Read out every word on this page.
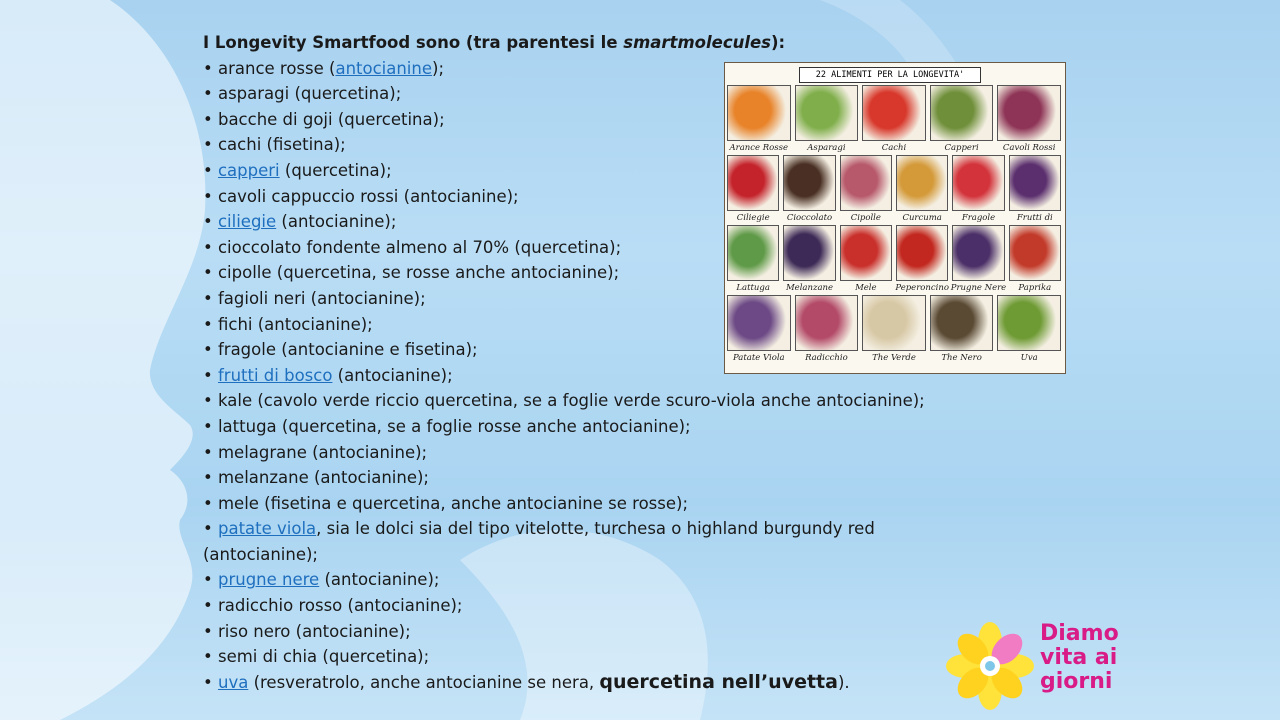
I Longevity Smartfood sono (tra parentesi le smartmolecules):
• arance rosse (antocianine);
• asparagi (quercetina);
• bacche di goji (quercetina);
• cachi (fisetina);
• capperi (quercetina);
• cavoli cappuccio rossi (antocianine);
• ciliegie (antocianine);
• cioccolato fondente almeno al 70% (quercetina);
• cipolle (quercetina, se rosse anche antocianine);
• fagioli neri (antocianine);
• fichi (antocianine);
• fragole (antocianine e fisetina);
• frutti di bosco (antocianine);
• kale (cavolo verde riccio quercetina, se a foglie verde scuro-viola anche antocianine);
• lattuga (quercetina, se a foglie rosse anche antocianine);
• melagrane (antocianine);
• melanzane (antocianine);
• mele (fisetina e quercetina, anche antocianine se rosse);
• patate viola, sia le dolci sia del tipo vitelotte, turchesa o highland burgundy red (antocianine);
• prugne nere (antocianine);
• radicchio rosso (antocianine);
• riso nero (antocianine);
• semi di chia (quercetina);
• uva (resveratrolo, anche antocianine se nera, quercetina nell’uvetta).
22 ALIMENTI PER LA LONGEVITA'
Arance Rosse	Asparagi	Cachi	Capperi	Cavoli Rossi
Ciliegie	Cioccolato	Cipolle	Curcuma	Fragole	Frutti di
Lattuga	Melanzane	Mele	Peperoncino Prugne Nere	Paprika
Patate Viola	Radicchio	The Verde	The Nero	Uva
Diamo
vita ai
giorni
